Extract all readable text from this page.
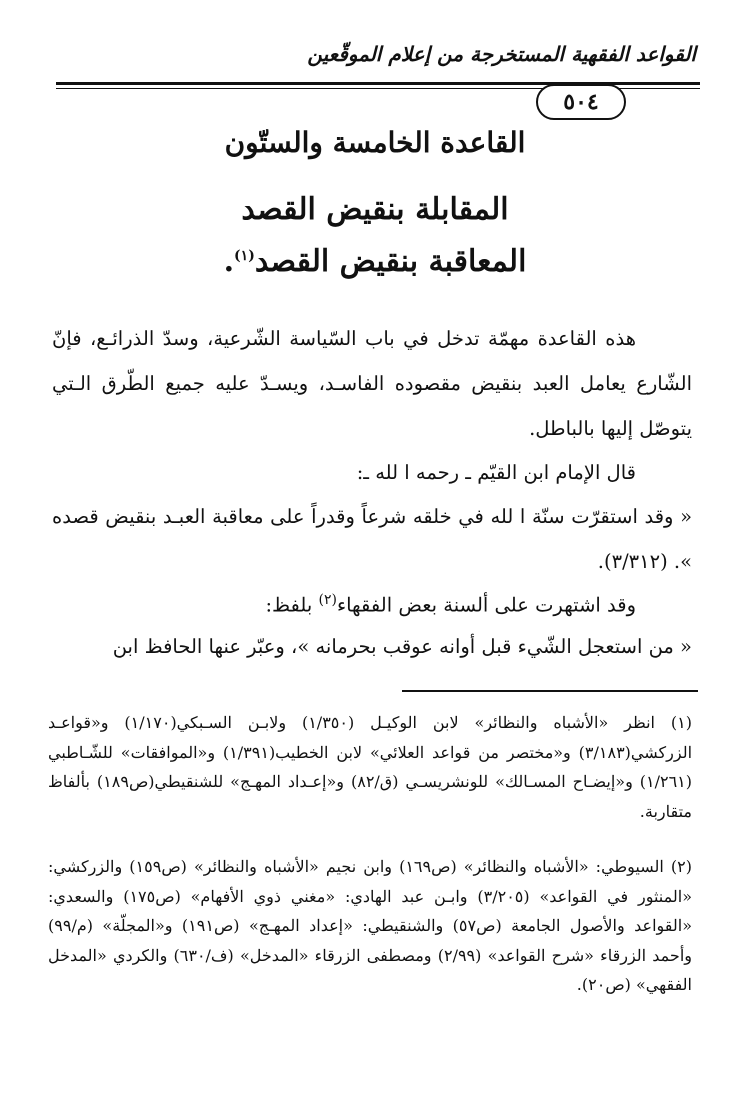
القواعد الفقهية المستخرجة من إعلام الموقّعين
٥٠٤
القاعدة الخامسة والستّون
المقابلة بنقيض القصد
المعاقبة بنقيض القصد$^{(١)}$.
هذه القاعدة مهمّة تدخل في باب السّياسة الشّرعية، وسدّ الذرائـع، فإنّ الشّارع يعامل العبد بنقيض مقصوده الفاسـد، ويسـدّ عليه جميع الطّرق الـتي يتوصّل إليها بالباطل.
قال الإمام ابن القيّم ـ رحمه ا لله ـ:
« وقد استقرّت سنّة ا لله في خلقه شرعاً وقدراً على معاقبة العبـد بنقيض قصده ». (٣/٣١٢).
وقد اشتهرت على ألسنة بعض الفقهاء$^{(٢)}$ بلفظ:
« من استعجل الشّيء قبل أوانه عوقب بحرمانه »، وعبّر عنها الحافظ ابن
(١) انظر «الأشباه والنظائر» لابن الوكيـل (١/٣٥٠) ولابـن السـبكي(١/١٧٠) و«قواعـد الزركشي(٣/١٨٣) و«مختصر من قواعد العلائي» لابن الخطيب(١/٣٩١) و«الموافقات» للشّـاطبي (١/٢٦١) و«إيضـاح المسـالك» للونشريسـي (ق/٨٢) و«إعـداد المهـج» للشنقيطي(ص١٨٩) بألفاظ متقاربة.
(٢) السيوطي: «الأشباه والنظائر» (ص١٦٩) وابن نجيم «الأشباه والنظائر» (ص١٥٩) والزركشي: «المنثور في القواعد» (٣/٢٠٥) وابـن عبد الهادي: «مغني ذوي الأفهام» (ص١٧٥) والسعدي: «القواعد والأصول الجامعة (ص٥٧) والشنقيطي: «إعداد المهـج» (ص١٩١) و«المجلّة» (م/٩٩) وأحمد الزرقاء «شرح القواعد» (٢/٩٩) ومصطفى الزرقاء «المدخل» (ف/٦٣٠) والكردي «المدخل الفقهي» (ص٢٠).
